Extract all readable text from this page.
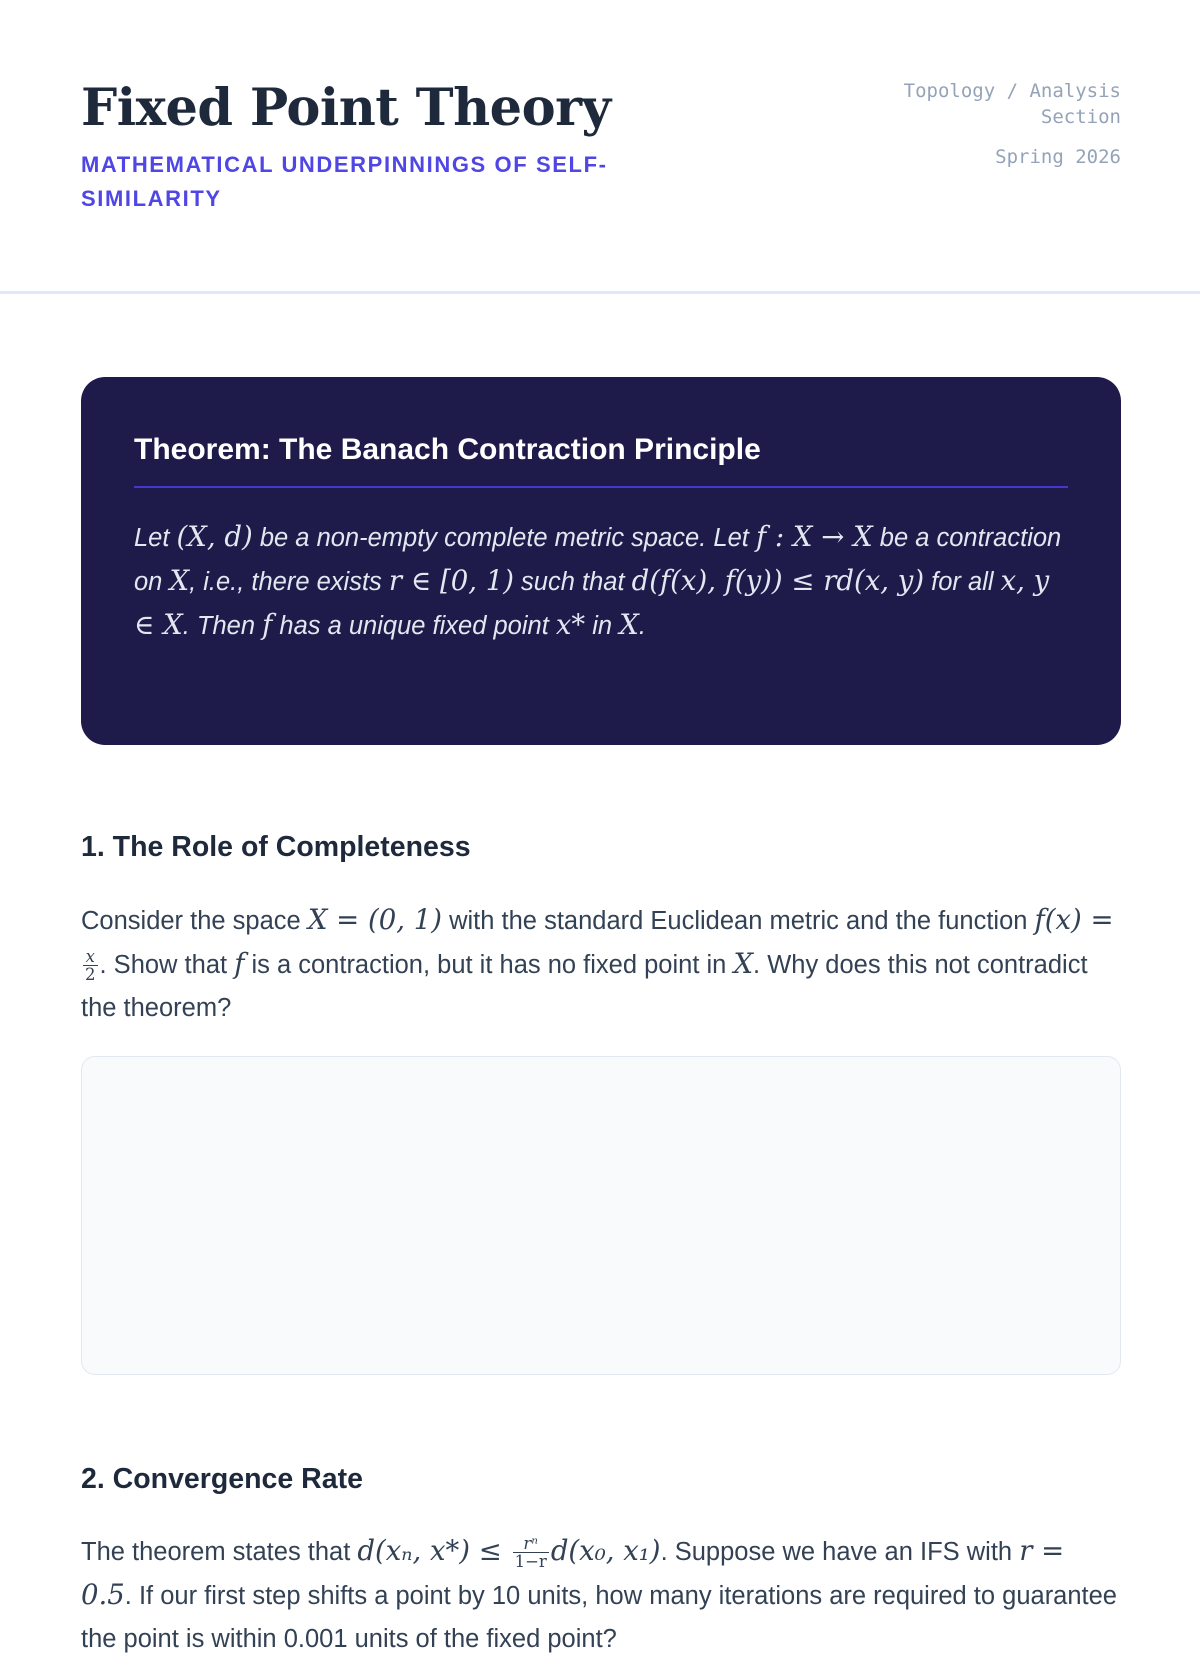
Fixed Point Theory
MATHEMATICAL UNDERPINNINGS OF SELF-SIMILARITY
Topology / Analysis
Section
Spring 2026
Theorem: The Banach Contraction Principle
Let (X, d) be a non-empty complete metric space. Let f : X → X be a contraction on X, i.e., there exists r ∈ [0, 1) such that d(f(x), f(y)) ≤ rd(x, y) for all x, y ∈ X. Then f has a unique fixed point x* in X.
1. The Role of Completeness
Consider the space X = (0, 1) with the standard Euclidean metric and the function f(x) =
$\frac{x}{2}$ . Show that f is a contraction, but it has no fixed point in X. Why does this not contradict the theorem?
2. Convergence Rate
The theorem states that d(xₙ, $x*) \le \frac{\text{rⁿ}}{1-r} d(x_0$, x₁). Suppose we have an IFS with r = 0.5. If our first step shifts a point by 10 units, how many iterations are required to guarantee the point is within 0.001 units of the fixed point?
